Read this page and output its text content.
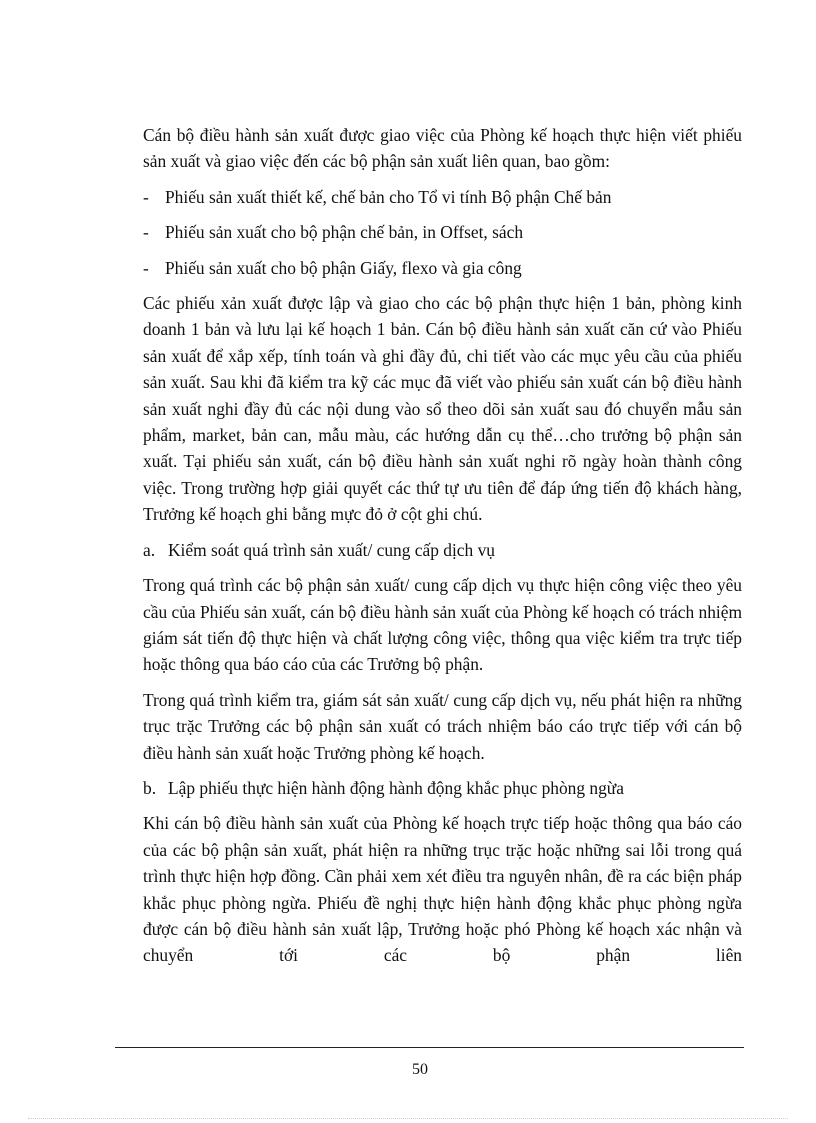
Cán bộ điều hành sản xuất được giao việc của Phòng kế hoạch thực hiện viết phiếu sản xuất và giao việc đến các bộ phận sản xuất liên quan, bao gồm:

- Phiếu sản xuất thiết kế, chế bản cho Tổ vi tính Bộ phận Chế bản
- Phiếu sản xuất cho bộ phận chế bản, in Offset, sách
- Phiếu sản xuất cho bộ phận Giấy, flexo và gia công

Các phiếu xản xuất được lập và giao cho các bộ phận thực hiện 1 bản, phòng kinh doanh 1 bản và lưu lại kế hoạch 1 bản. Cán bộ điều hành sản xuất căn cứ vào Phiếu sản xuất để xắp xếp, tính toán và ghi đầy đủ, chi tiết vào các mục yêu cầu của phiếu sản xuất. Sau khi đã kiểm tra kỹ các mục đã viết vào phiếu sản xuất cán bộ điều hành sản xuất nghi đầy đủ các nội dung vào sổ theo dõi sản xuất sau đó chuyển mẫu sản phẩm, market, bản can, mẫu màu, các hướng dẫn cụ thể…cho trưởng bộ phận sản xuất. Tại phiếu sản xuất, cán bộ điều hành sản xuất nghi rõ ngày hoàn thành công việc. Trong trường hợp giải quyết các thứ tự ưu tiên để đáp ứng tiến độ khách hàng, Trưởng kế hoạch ghi bằng mực đỏ ở cột ghi chú.

a. Kiểm soát quá trình sản xuất/ cung cấp dịch vụ

Trong quá trình các bộ phận sản xuất/ cung cấp dịch vụ thực hiện công việc theo yêu cầu của Phiếu sản xuất, cán bộ điều hành sản xuất của Phòng kế hoạch có trách nhiệm giám sát tiến độ thực hiện và chất lượng công việc, thông qua việc kiểm tra trực tiếp hoặc thông qua báo cáo của các Trưởng bộ phận.

Trong quá trình kiểm tra, giám sát sản xuất/ cung cấp dịch vụ, nếu phát hiện ra những trục trặc Trưởng các bộ phận sản xuất có trách nhiệm báo cáo trực tiếp với cán bộ điều hành sản xuất hoặc Trưởng phòng kế hoạch.

b. Lập phiếu thực hiện hành động hành động khắc phục phòng ngừa

Khi cán bộ điều hành sản xuất của Phòng kế hoạch trực tiếp hoặc thông qua báo cáo của các bộ phận sản xuất, phát hiện ra những trục trặc hoặc những sai lỗi trong quá trình thực hiện hợp đồng. Cần phải xem xét điều tra nguyên nhân, đề ra các biện pháp khắc phục phòng ngừa. Phiếu đề nghị thực hiện hành động khắc phục phòng ngừa được cán bộ điều hành sản xuất lập, Trưởng hoặc phó Phòng kế hoạch xác nhận và chuyển tới các bộ phận liên

50
